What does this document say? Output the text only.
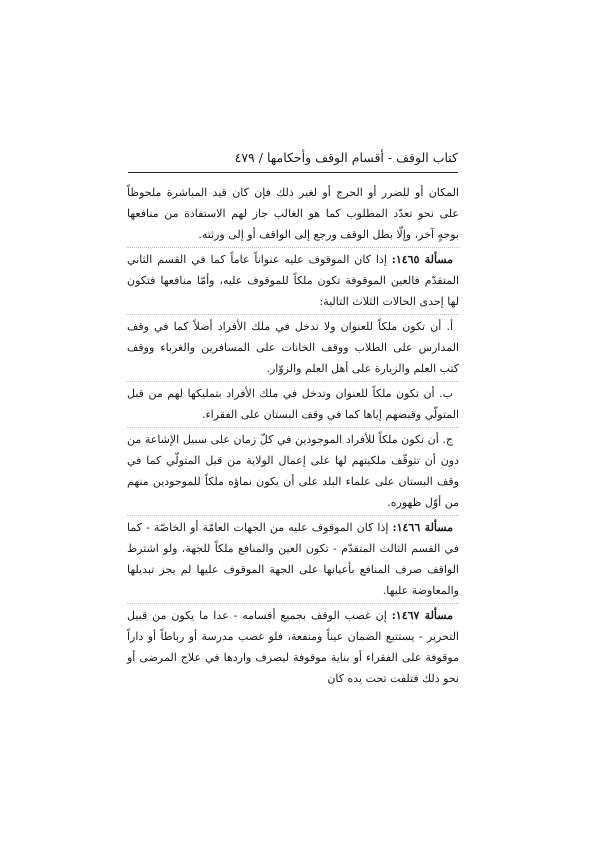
كتاب الوقف - أقسام الوقف وأحكامها / ٤٧٩

المكان أو للضرر أو الحرج أو لغير ذلك فإن كان قيد المباشرة ملحوظاً على نحو تعدّد المطلوب كما هو الغالب جاز لهم الاستفادة من منافعها بوجهٍ آخر، وإلّا بطل الوقف ورجع إلى الواقف أو إلى ورثته.

مسألة ١٤٦٥: إذا كان الموقوف عليه عنواناً عاماً كما في القسم الثاني المتقدّم فالعين الموقوفة تكون ملكاً للموقوف عليه، وأمّا منافعها فتكون لها إحدى الحالات الثلاث التالية:

أ. أن تكون ملكاً للعنوان ولا تدخل في ملك الأفراد أصلاً كما في وقف المدارس على الطلاب ووقف الخانات على المسافرين والغرباء ووقف كتب العلم والزيارة على أهل العلم والزوّار.

ب. أن تكون ملكاً للعنوان وتدخل في ملك الأفراد بتمليكها لهم من قبل المتولّي وقبضهم إياها كما في وقف البستان على الفقراء.

ج. أن تكون ملكاً للأفراد الموجودين في كلّ زمان على سبيل الإشاعة من دون أن تتوقّف ملكيتهم لها على إعمال الولاية من قبل المتولّي كما في وقف البستان على علماء البلد على أن يكون نماؤه ملكاً للموجودين منهم من أوّل ظهوره.

مسألة ١٤٦٦: إذا كان الموقوف عليه من الجهات العامّة أو الخاصّة - كما في القسم الثالث المتقدّم - تكون العين والمنافع ملكاً للجهة، ولو اشترط الواقف صرف المنافع بأعيانها على الجهة الموقوف عليها لم يجز تبديلها والمعاوضة عليها.

مسألة ١٤٦٧: إن غصب الوقف بجميع أقسامه - عدا ما يكون من قبيل التحرير - يستتبع الضمان عيناً ومنفعة، فلو غصب مدرسة أو رباطاً أو داراً موقوفة على الفقراء أو بناية موقوفة ليصرف واردها في علاج المرضى أو نحو ذلك فتلفت تحت يده كان
